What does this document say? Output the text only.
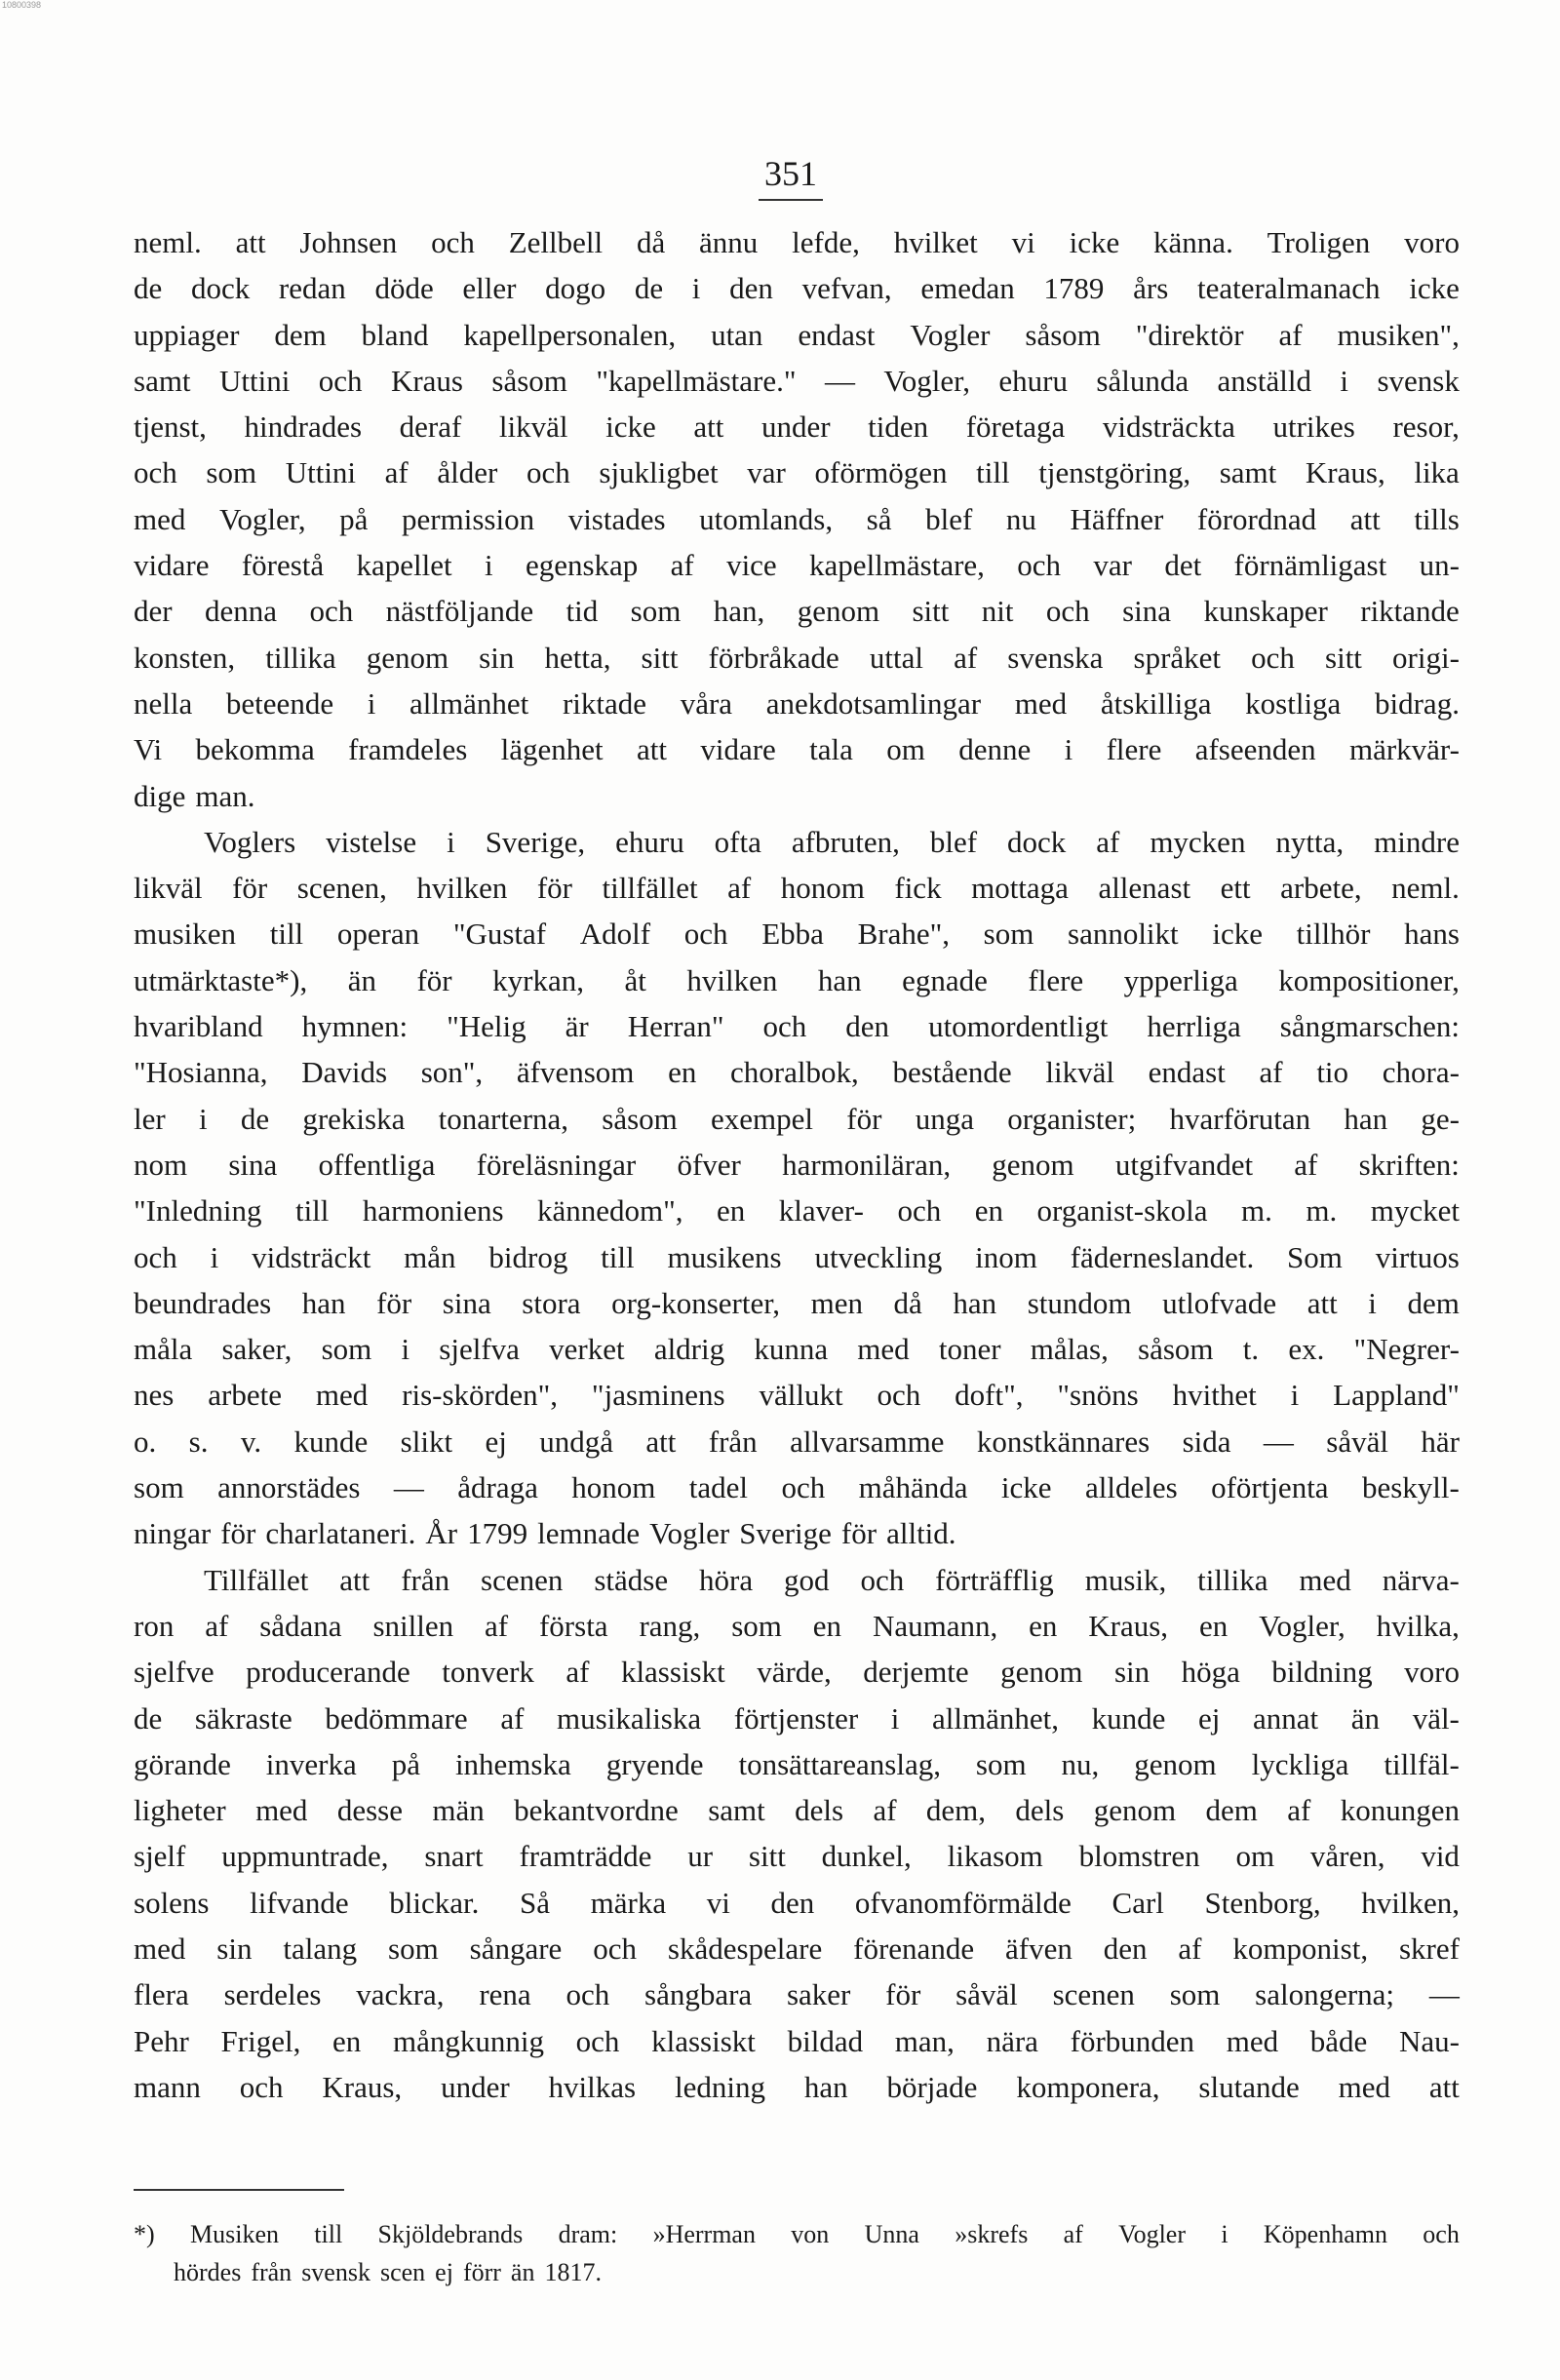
10800398
351
neml. att Johnsen och Zellbell då ännu lefde, hvilket vi icke känna. Troligen voro
de dock redan döde eller dogo de i den vefvan, emedan 1789 års teateralmanach icke
uppiager dem bland kapellpersonalen, utan endast Vogler såsom "direktör af musiken",
samt Uttini och Kraus såsom "kapellmästare." — Vogler, ehuru sålunda anställd i svensk
tjenst, hindrades deraf likväl icke att under tiden företaga vidsträckta utrikes resor,
och som Uttini af ålder och sjukligbet var oförmögen till tjenstgöring, samt Kraus, lika
med Vogler, på permission vistades utomlands, så blef nu Häffner förordnad att tills
vidare förestå kapellet i egenskap af vice kapellmästare, och var det förnämligast un-
der denna och nästföljande tid som han, genom sitt nit och sina kunskaper riktande
konsten, tillika genom sin hetta, sitt förbråkade uttal af svenska språket och sitt origi-
nella beteende i allmänhet riktade våra anekdotsamlingar med åtskilliga kostliga bidrag.
Vi bekomma framdeles lägenhet att vidare tala om denne i flere afseenden märkvär-
dige man.
Voglers vistelse i Sverige, ehuru ofta afbruten, blef dock af mycken nytta, mindre
likväl för scenen, hvilken för tillfället af honom fick mottaga allenast ett arbete, neml.
musiken till operan "Gustaf Adolf och Ebba Brahe", som sannolikt icke tillhör hans
utmärktaste*), än för kyrkan, åt hvilken han egnade flere ypperliga kompositioner,
hvaribland hymnen: "Helig är Herran" och den utomordentligt herrliga sångmarschen:
"Hosianna, Davids son", äfvensom en choralbok, bestående likväl endast af tio chora-
ler i de grekiska tonarterna, såsom exempel för unga organister; hvarförutan han ge-
nom sina offentliga föreläsningar öfver harmoniläran, genom utgifvandet af skriften:
"Inledning till harmoniens kännedom", en klaver- och en organist-skola m. m. mycket
och i vidsträckt mån bidrog till musikens utveckling inom fäderneslandet. Som virtuos
beundrades han för sina stora org-konserter, men då han stundom utlofvade att i dem
måla saker, som i sjelfva verket aldrig kunna med toner målas, såsom t. ex. "Negrer-
nes arbete med ris-skörden", "jasminens vällukt och doft", "snöns hvithet i Lappland"
o. s. v. kunde slikt ej undgå att från allvarsamme konstkännares sida — såväl här
som annorstädes — ådraga honom tadel och måhända icke alldeles oförtjenta beskyll-
ningar för charlataneri. År 1799 lemnade Vogler Sverige för alltid.
Tillfället att från scenen städse höra god och förträfflig musik, tillika med närva-
ron af sådana snillen af första rang, som en Naumann, en Kraus, en Vogler, hvilka,
sjelfve producerande tonverk af klassiskt värde, derjemte genom sin höga bildning voro
de säkraste bedömmare af musikaliska förtjenster i allmänhet, kunde ej annat än väl-
görande inverka på inhemska gryende tonsättareanslag, som nu, genom lyckliga tillfäl-
ligheter med desse män bekantvordne samt dels af dem, dels genom dem af konungen
sjelf uppmuntrade, snart framträdde ur sitt dunkel, likasom blomstren om våren, vid
solens lifvande blickar. Så märka vi den ofvanomförmälde Carl Stenborg, hvilken,
med sin talang som sångare och skådespelare förenande äfven den af komponist, skref
flera serdeles vackra, rena och sångbara saker för såväl scenen som salongerna; —
Pehr Frigel, en mångkunnig och klassiskt bildad man, nära förbunden med både Nau-
mann och Kraus, under hvilkas ledning han började komponera, slutande med att
*) Musiken till Skjöldebrands dram: »Herrman von Unna »skrefs af Vogler i Köpenhamn och
hördes från svensk scen ej förr än 1817.
